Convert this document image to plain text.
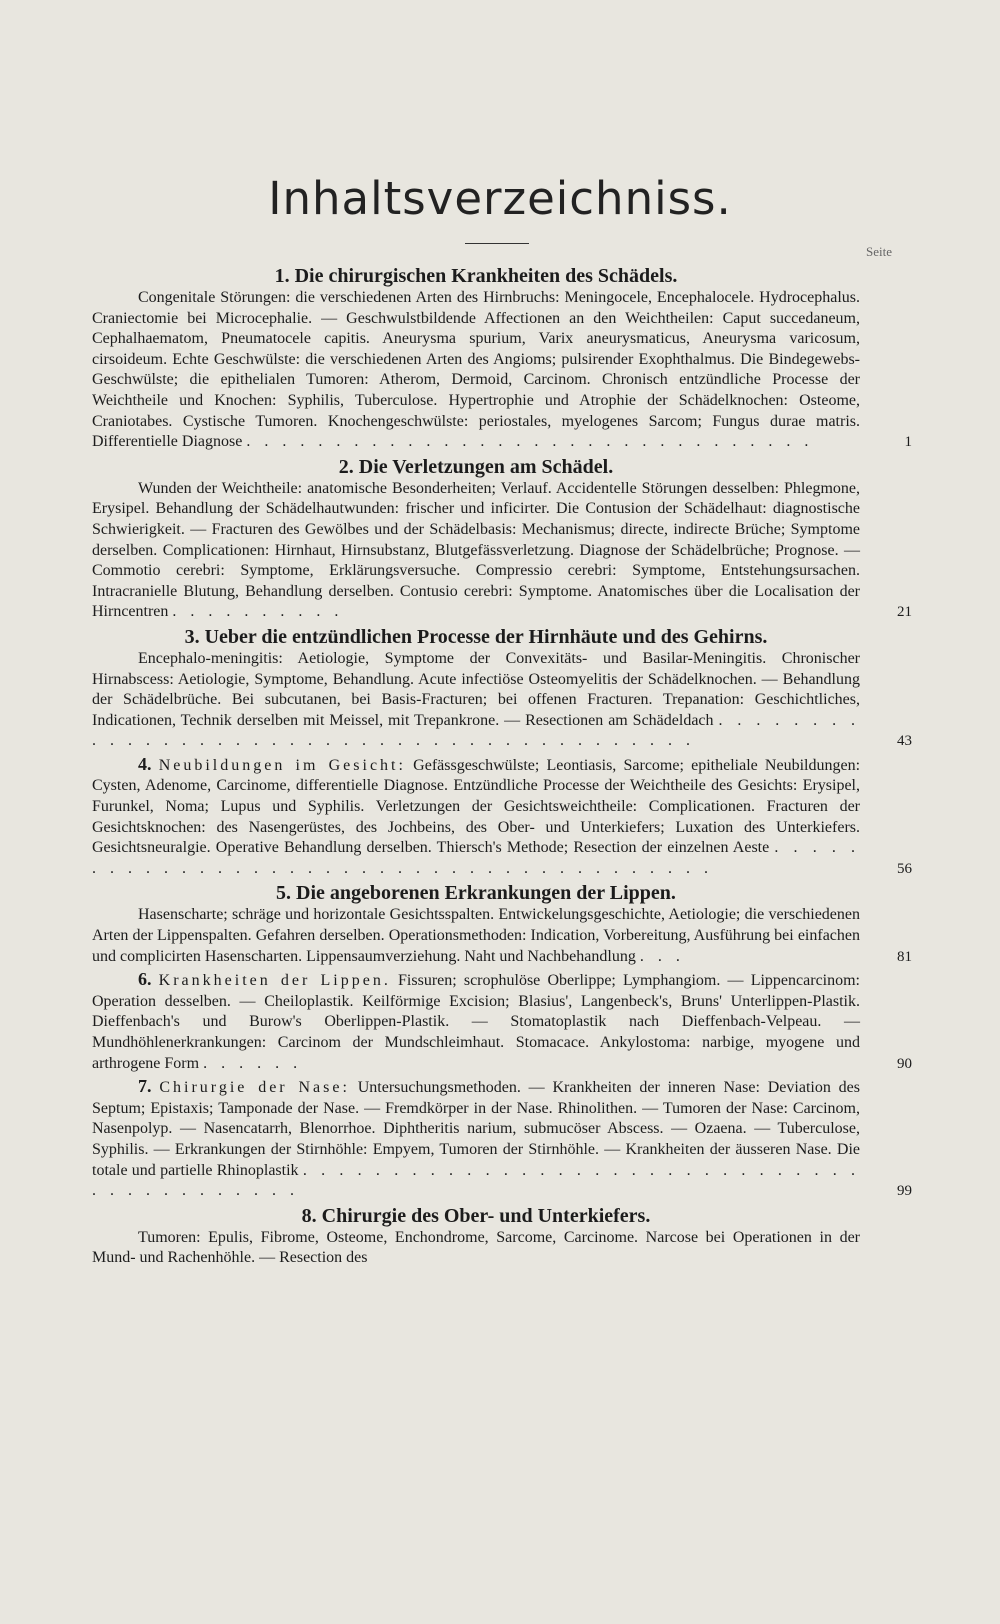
Inhaltsverzeichniss.
Seite
1. Die chirurgischen Krankheiten des Schädels.

Congenitale Störungen: die verschiedenen Arten des Hirnbruchs: Meningocele, Encephalocele. Hydrocephalus. Craniectomie bei Microcephalie. — Geschwulstbildende Affectionen an den Weichtheilen: Caput succedaneum, Cephalhaematom, Pneumatocele capitis. Aneurysma spurium, Varix aneurysmaticus, Aneurysma varicosum, cirsoideum. Echte Geschwülste: die verschiedenen Arten des Angioms; pulsirender Exophthalmus. Die Bindegewebs-Geschwülste; die epithelialen Tumoren: Atherom, Dermoid, Carcinom. Chronisch entzündliche Processe der Weichtheile und Knochen: Syphilis, Tuberculose. Hypertrophie und Atrophie der Schädelknochen: Osteome, Craniotabes. Cystische Tumoren. Knochengeschwülste: periostales, myelogenes Sarcom; Fungus durae matris. Differentielle Diagnose . . . . . . . . . . . . . . . . . . . . . . . . . . . . . . . .	1
2. Die Verletzungen am Schädel.

Wunden der Weichtheile: anatomische Besonderheiten; Verlauf. Accidentelle Störungen desselben: Phlegmone, Erysipel. Behandlung der Schädelhautwunden: frischer und inficirter. Die Contusion der Schädelhaut: diagnostische Schwierigkeit. — Fracturen des Gewölbes und der Schädelbasis: Mechanismus; directe, indirecte Brüche; Symptome derselben. Complicationen: Hirnhaut, Hirnsubstanz, Blutgefässverletzung. Diagnose der Schädelbrüche; Prognose. — Commotio cerebri: Symptome, Erklärungsversuche. Compressio cerebri: Symptome, Entstehungsursachen. Intracranielle Blutung, Behandlung derselben. Contusio cerebri: Symptome. Anatomisches über die Localisation der Hirncentren . . . . . . . . . .	21
3. Ueber die entzündlichen Processe der Hirnhäute und des Gehirns.

Encephalo-meningitis: Aetiologie, Symptome der Convexitäts- und Basilar-Meningitis. Chronischer Hirnabscess: Aetiologie, Symptome, Behandlung. Acute infectiöse Osteomyelitis der Schädelknochen. — Behandlung der Schädelbrüche. Bei subcutanen, bei Basis-Fracturen; bei offenen Fracturen. Trepanation: Geschichtliches, Indicationen, Technik derselben mit Meissel, mit Trepankrone. — Resectionen am Schädeldach . . . . . . . . . . . . . . . . . . . . . . . . . . . . . . . . . . . . . . . . . .	43

4. Neubildungen im Gesicht: Gefässgeschwülste; Leontiasis, Sarcome; epitheliale Neubildungen: Cysten, Adenome, Carcinome, differentielle Diagnose. Entzündliche Processe der Weichtheile des Gesichts: Erysipel, Furunkel, Noma; Lupus und Syphilis. Verletzungen der Gesichtsweichtheile: Complicationen. Fracturen der Gesichtsknochen: des Nasengerüstes, des Jochbeins, des Ober- und Unterkiefers; Luxation des Unterkiefers. Gesichtsneuralgie. Operative Behandlung derselben. Thiersch's Methode; Resection der einzelnen Aeste . . . . . . . . . . . . . . . . . . . . . . . . . . . . . . . . . . . . . . . .	56
5. Die angeborenen Erkrankungen der Lippen.

Hasenscharte; schräge und horizontale Gesichtsspalten. Entwickelungsgeschichte, Aetiologie; die verschiedenen Arten der Lippenspalten. Gefahren derselben. Operationsmethoden: Indication, Vorbereitung, Ausführung bei einfachen und complicirten Hasenscharten. Lippensaumverziehung. Naht und Nachbehandlung . . .	81

6. Krankheiten der Lippen. Fissuren; scrophulöse Oberlippe; Lymphangiom. — Lippencarcinom: Operation desselben. — Cheiloplastik. Keilförmige Excision; Blasius', Langenbeck's, Bruns' Unterlippen-Plastik. Dieffenbach's und Burow's Oberlippen-Plastik. — Stomatoplastik nach Dieffenbach-Velpeau. — Mundhöhlenerkrankungen: Carcinom der Mundschleimhaut. Stomacace. Ankylostoma: narbige, myogene und arthrogene Form . . . . . .	90

7. Chirurgie der Nase: Untersuchungsmethoden. — Krankheiten der inneren Nase: Deviation des Septum; Epistaxis; Tamponade der Nase. — Fremdkörper in der Nase. Rhinolithen. — Tumoren der Nase: Carcinom, Nasenpolyp. — Nasencatarrh, Blenorrhoe. Diphtheritis narium, submucöser Abscess. — Ozaena. — Tuberculose, Syphilis. — Erkrankungen der Stirnhöhle: Empyem, Tumoren der Stirnhöhle. — Krankheiten der äusseren Nase. Die totale und partielle Rhinoplastik . . . . . . . . . . . . . . . . . . . . . . . . . . . . . . . . . . . . . . . . . . .	99
8. Chirurgie des Ober- und Unterkiefers.

Tumoren: Epulis, Fibrome, Osteome, Enchondrome, Sarcome, Carcinome. Narcose bei Operationen in der Mund- und Rachenhöhle. — Resection des
